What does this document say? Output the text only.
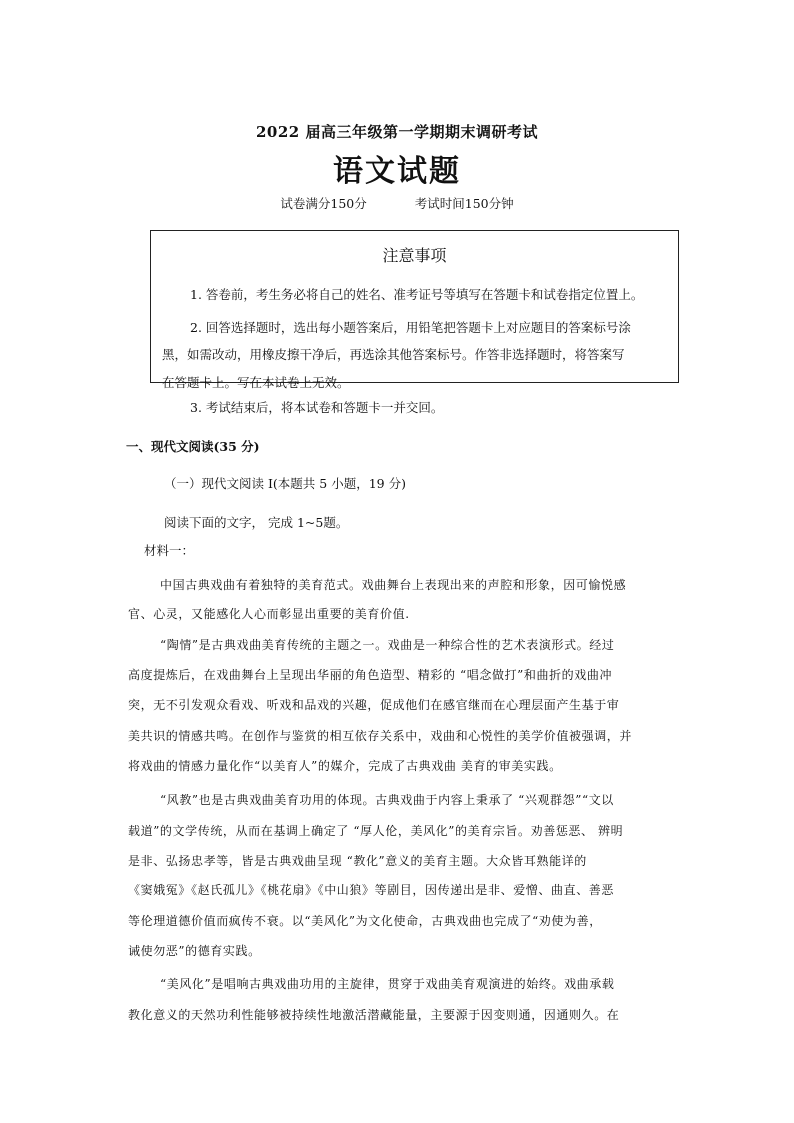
2022 届高三年级第一学期期末调研考试
语文试题
试卷满分150分	考试时间150分钟
注意事项
1. 答卷前，考生务必将自己的姓名、准考证号等填写在答题卡和试卷指定位置上。
2. 回答选择题时，选出每小题答案后，用铅笔把答题卡上对应题目的答案标号涂
黑，如需改动，用橡皮擦干净后，再选涂其他答案标号。作答非选择题时，将答案写
在答题卡上。写在本试卷上无效。
3. 考试结束后，将本试卷和答题卡一并交回。
一、现代文阅读(35 分)
（一）现代文阅读 I(本题共 5 小题，19 分)
阅读下面的文字， 完成 1~5题。
材料一：
中国古典戏曲有着独特的美育范式。戏曲舞台上表现出来的声腔和形象，因可愉悦感
官、心灵，又能感化人心而彰显出重要的美育价值.
“陶情”是古典戏曲美育传统的主题之一。戏曲是一种综合性的艺术表演形式。经过
高度提炼后，在戏曲舞台上呈现出华丽的角色造型、精彩的 “唱念做打”和曲折的戏曲冲
突，无不引发观众看戏、听戏和品戏的兴趣，促成他们在感官继而在心理层面产生基于审
美共识的情感共鸣。在创作与鉴赏的相互依存关系中，戏曲和心悦性的美学价值被强调，并
将戏曲的情感力量化作“以美育人”的媒介，完成了古典戏曲 美育的审美实践。
“风教”也是古典戏曲美育功用的体现。古典戏曲于内容上秉承了 “兴观群怨”“文以
载道”的文学传统，从而在基调上确定了 “厚人伦，美风化”的美育宗旨。劝善惩恶、 辨明
是非、弘扬忠孝等，皆是古典戏曲呈现 “教化”意义的美育主题。大众皆耳熟能详的
《窦娥冤》《赵氏孤儿》《桃花扇》《中山狼》等剧目，因传递出是非、爱憎、曲直、善恶
等伦理道德价值而疯传不衰。以“美风化”为文化使命，古典戏曲也完成了“劝使为善，
诫使勿恶”的德育实践。
“美风化”是唱响古典戏曲功用的主旋律，贯穿于戏曲美育观演进的始终。戏曲承载
教化意义的天然功利性能够被持续性地激活潜藏能量，主要源于因变则通，因通则久。在
